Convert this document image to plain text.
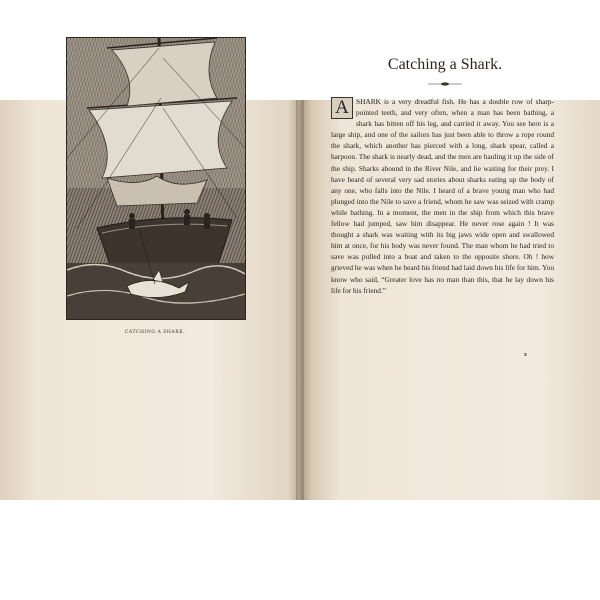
CATCHING A SHARK.
Catching a Shark.
A SHARK is a very dreadful fish. He has a double row of sharp-pointed teeth, and very often, when a man has been bathing, a shark has bitten off his leg, and carried it away. You see here is a large ship, and one of the sailors has just been able to throw a rope round the shark, which another has pierced with a long, shark spear, called a harpoon. The shark is nearly dead, and the men are hauling it up the side of the ship. Sharks abound in the River Nile, and lie waiting for their prey. I have heard of several very sad stories about sharks eating up the body of any one, who falls into the Nile. I heard of a brave young man who had plunged into the Nile to save a friend, whom he saw was seized with cramp while bathing. In a moment, the men in the ship from which this brave fellow had jumped, saw him disappear. He never rose again ! It was thought a shark was waiting with its big jaws wide open and swallowed him at once, for his body was never found. The man whom he had tried to save was pulled into a boat and taken to the opposite shore. Oh ! how grieved he was when he heard his friend had laid down his life for him. You know who said, “Greater love has no man than this, that he lay down his life for his friend.”
x
